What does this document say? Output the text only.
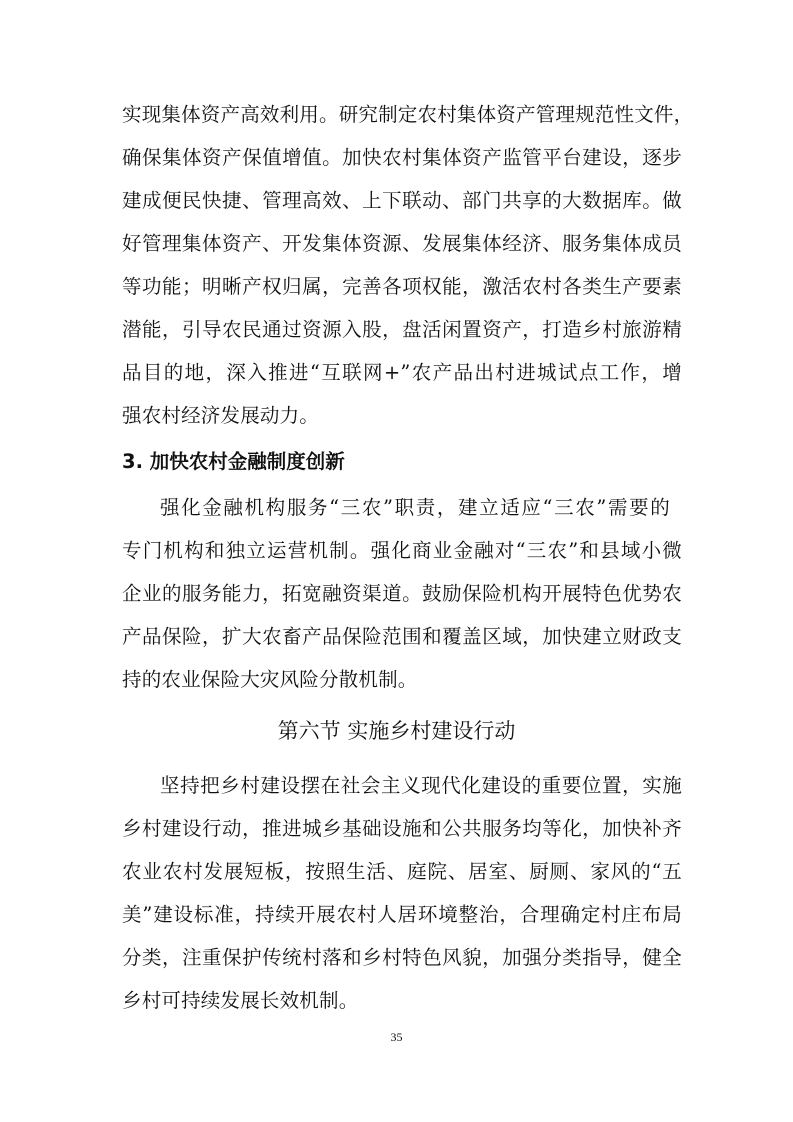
实现集体资产高效利用。研究制定农村集体资产管理规范性文件，
确保集体资产保值增值。加快农村集体资产监管平台建设，逐步
建成便民快捷、管理高效、上下联动、部门共享的大数据库。做
好管理集体资产、开发集体资源、发展集体经济、服务集体成员
等功能；明晰产权归属，完善各项权能，激活农村各类生产要素
潜能，引导农民通过资源入股，盘活闲置资产，打造乡村旅游精
品目的地，深入推进“互联网+”农产品出村进城试点工作，增
强农村经济发展动力。
3. 加快农村金融制度创新
强化金融机构服务“三农”职责，建立适应“三农”需要的
专门机构和独立运营机制。强化商业金融对“三农”和县域小微
企业的服务能力，拓宽融资渠道。鼓励保险机构开展特色优势农
产品保险，扩大农畜产品保险范围和覆盖区域，加快建立财政支
持的农业保险大灾风险分散机制。
第六节 实施乡村建设行动
坚持把乡村建设摆在社会主义现代化建设的重要位置，实施
乡村建设行动，推进城乡基础设施和公共服务均等化，加快补齐
农业农村发展短板，按照生活、庭院、居室、厨厕、家风的“五
美”建设标准，持续开展农村人居环境整治，合理确定村庄布局
分类，注重保护传统村落和乡村特色风貌，加强分类指导，健全
乡村可持续发展长效机制。
35
